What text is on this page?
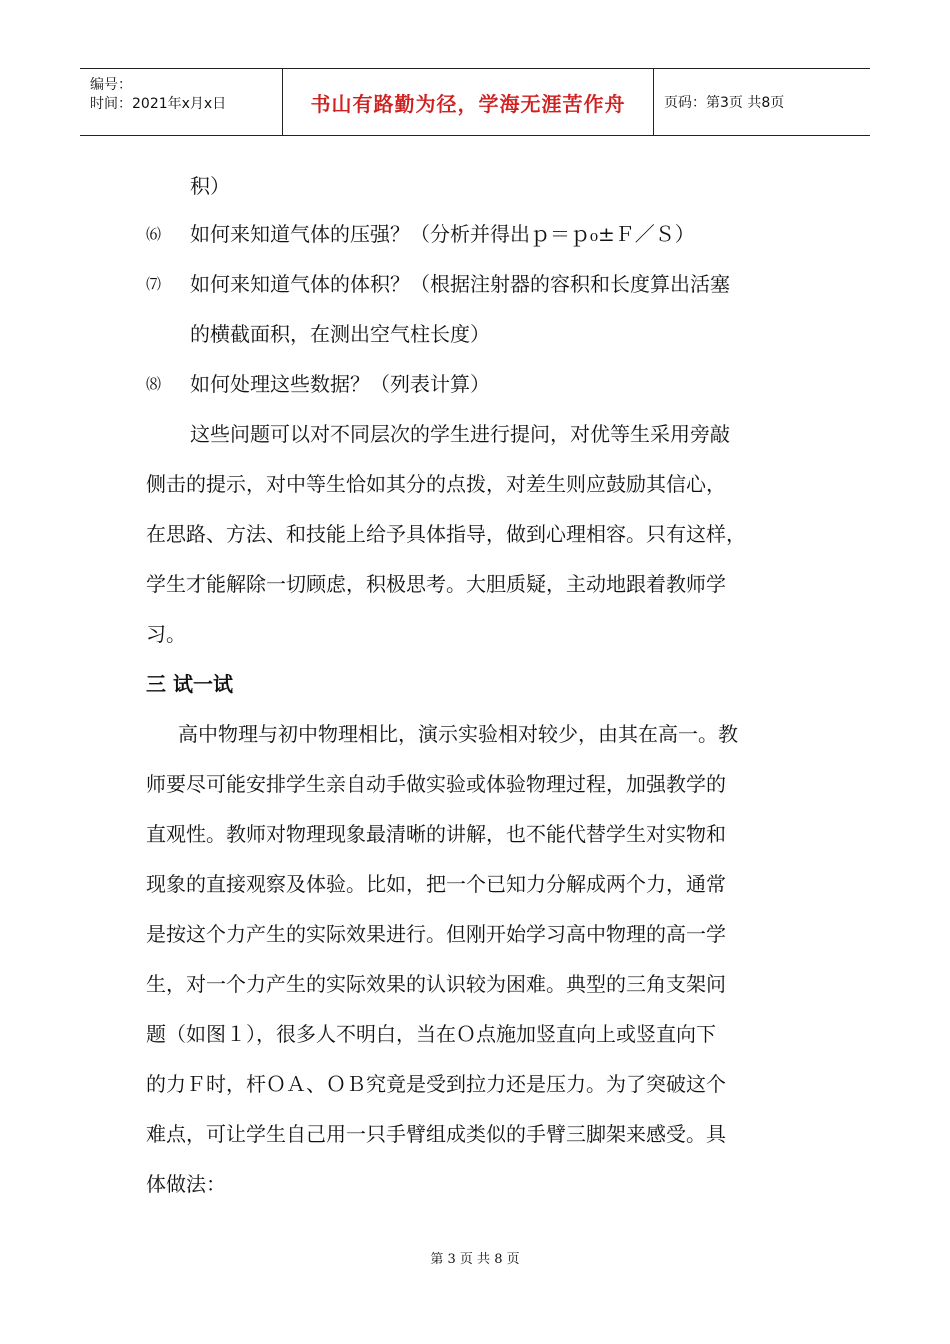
编号：
时间：2021年x月x日	书山有路勤为径，学海无涯苦作舟	页码：第3页 共8页
积）
⑹ 如何来知道气体的压强？（分析并得出ｐ＝ｐ₀±Ｆ／Ｓ）
⑺ 如何来知道气体的体积？（根据注射器的容积和长度算出活塞
的横截面积，在测出空气柱长度）
⑻ 如何处理这些数据？（列表计算）
这些问题可以对不同层次的学生进行提问，对优等生采用旁敲
侧击的提示，对中等生恰如其分的点拨，对差生则应鼓励其信心，
在思路、方法、和技能上给予具体指导，做到心理相容。只有这样，
学生才能解除一切顾虑，积极思考。大胆质疑，主动地跟着教师学
习。
三 试一试
高中物理与初中物理相比，演示实验相对较少，由其在高一。教
师要尽可能安排学生亲自动手做实验或体验物理过程，加强教学的
直观性。教师对物理现象最清晰的讲解，也不能代替学生对实物和
现象的直接观察及体验。比如，把一个已知力分解成两个力，通常
是按这个力产生的实际效果进行。但刚开始学习高中物理的高一学
生，对一个力产生的实际效果的认识较为困难。典型的三角支架问
题（如图１），很多人不明白，当在Ｏ点施加竖直向上或竖直向下
的力Ｆ时，杆ＯＡ、ＯＢ究竟是受到拉力还是压力。为了突破这个
难点，可让学生自己用一只手臂组成类似的手臂三脚架来感受。具
体做法：
第 3 页 共 8 页
